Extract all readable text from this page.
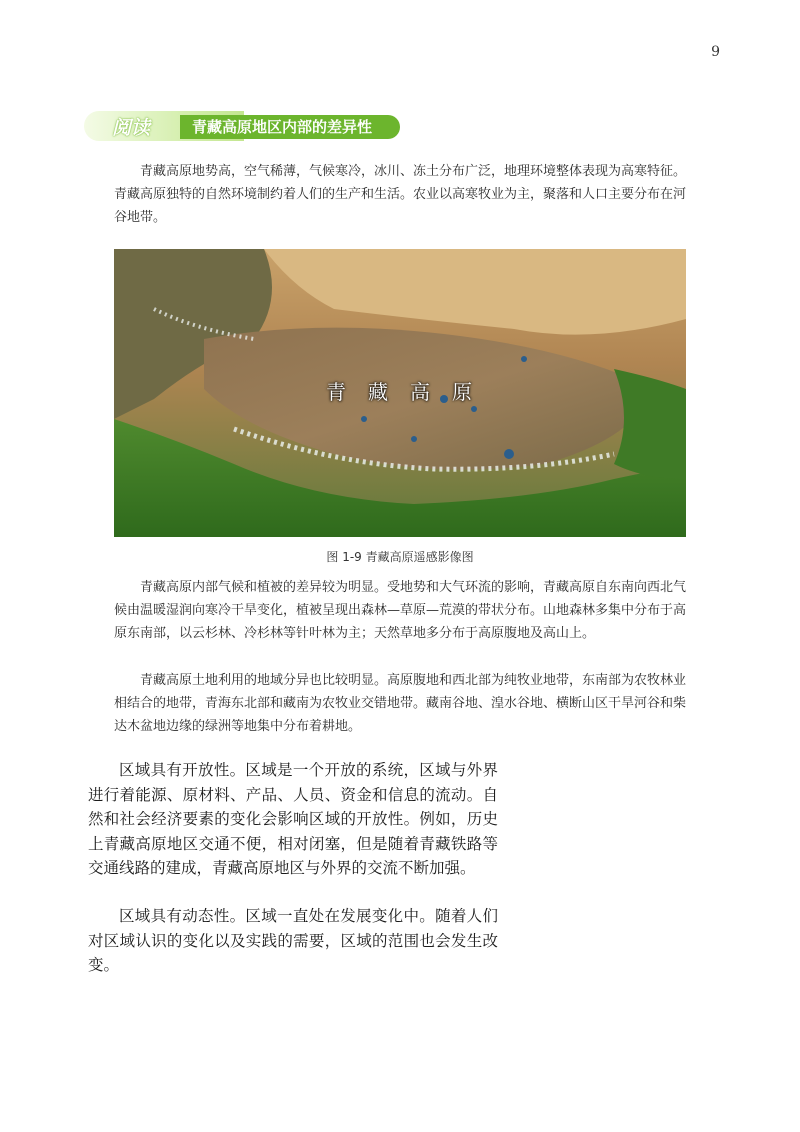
9
阅读	青藏高原地区内部的差异性

青藏高原地势高，空气稀薄，气候寒冷，冰川、冻土分布广泛，地理环境整体表现为高寒特征。青藏高原独特的自然环境制约着人们的生产和生活。农业以高寒牧业为主，聚落和人口主要分布在河谷地带。

青藏高原
图 1-9 青藏高原遥感影像图

青藏高原内部气候和植被的差异较为明显。受地势和大气环流的影响，青藏高原自东南向西北气候由温暖湿润向寒冷干旱变化，植被呈现出森林—草原—荒漠的带状分布。山地森林多集中分布于高原东南部，以云杉林、冷杉林等针叶林为主；天然草地多分布于高原腹地及高山上。

青藏高原土地利用的地域分异也比较明显。高原腹地和西北部为纯牧业地带，东南部为农牧林业相结合的地带，青海东北部和藏南为农牧业交错地带。藏南谷地、湟水谷地、横断山区干旱河谷和柴达木盆地边缘的绿洲等地集中分布着耕地。

区域具有开放性。区域是一个开放的系统，区域与外界进行着能源、原材料、产品、人员、资金和信息的流动。自然和社会经济要素的变化会影响区域的开放性。例如，历史上青藏高原地区交通不便，相对闭塞，但是随着青藏铁路等交通线路的建成，青藏高原地区与外界的交流不断加强。

区域具有动态性。区域一直处在发展变化中。随着人们对区域认识的变化以及实践的需要，区域的范围也会发生改变。
